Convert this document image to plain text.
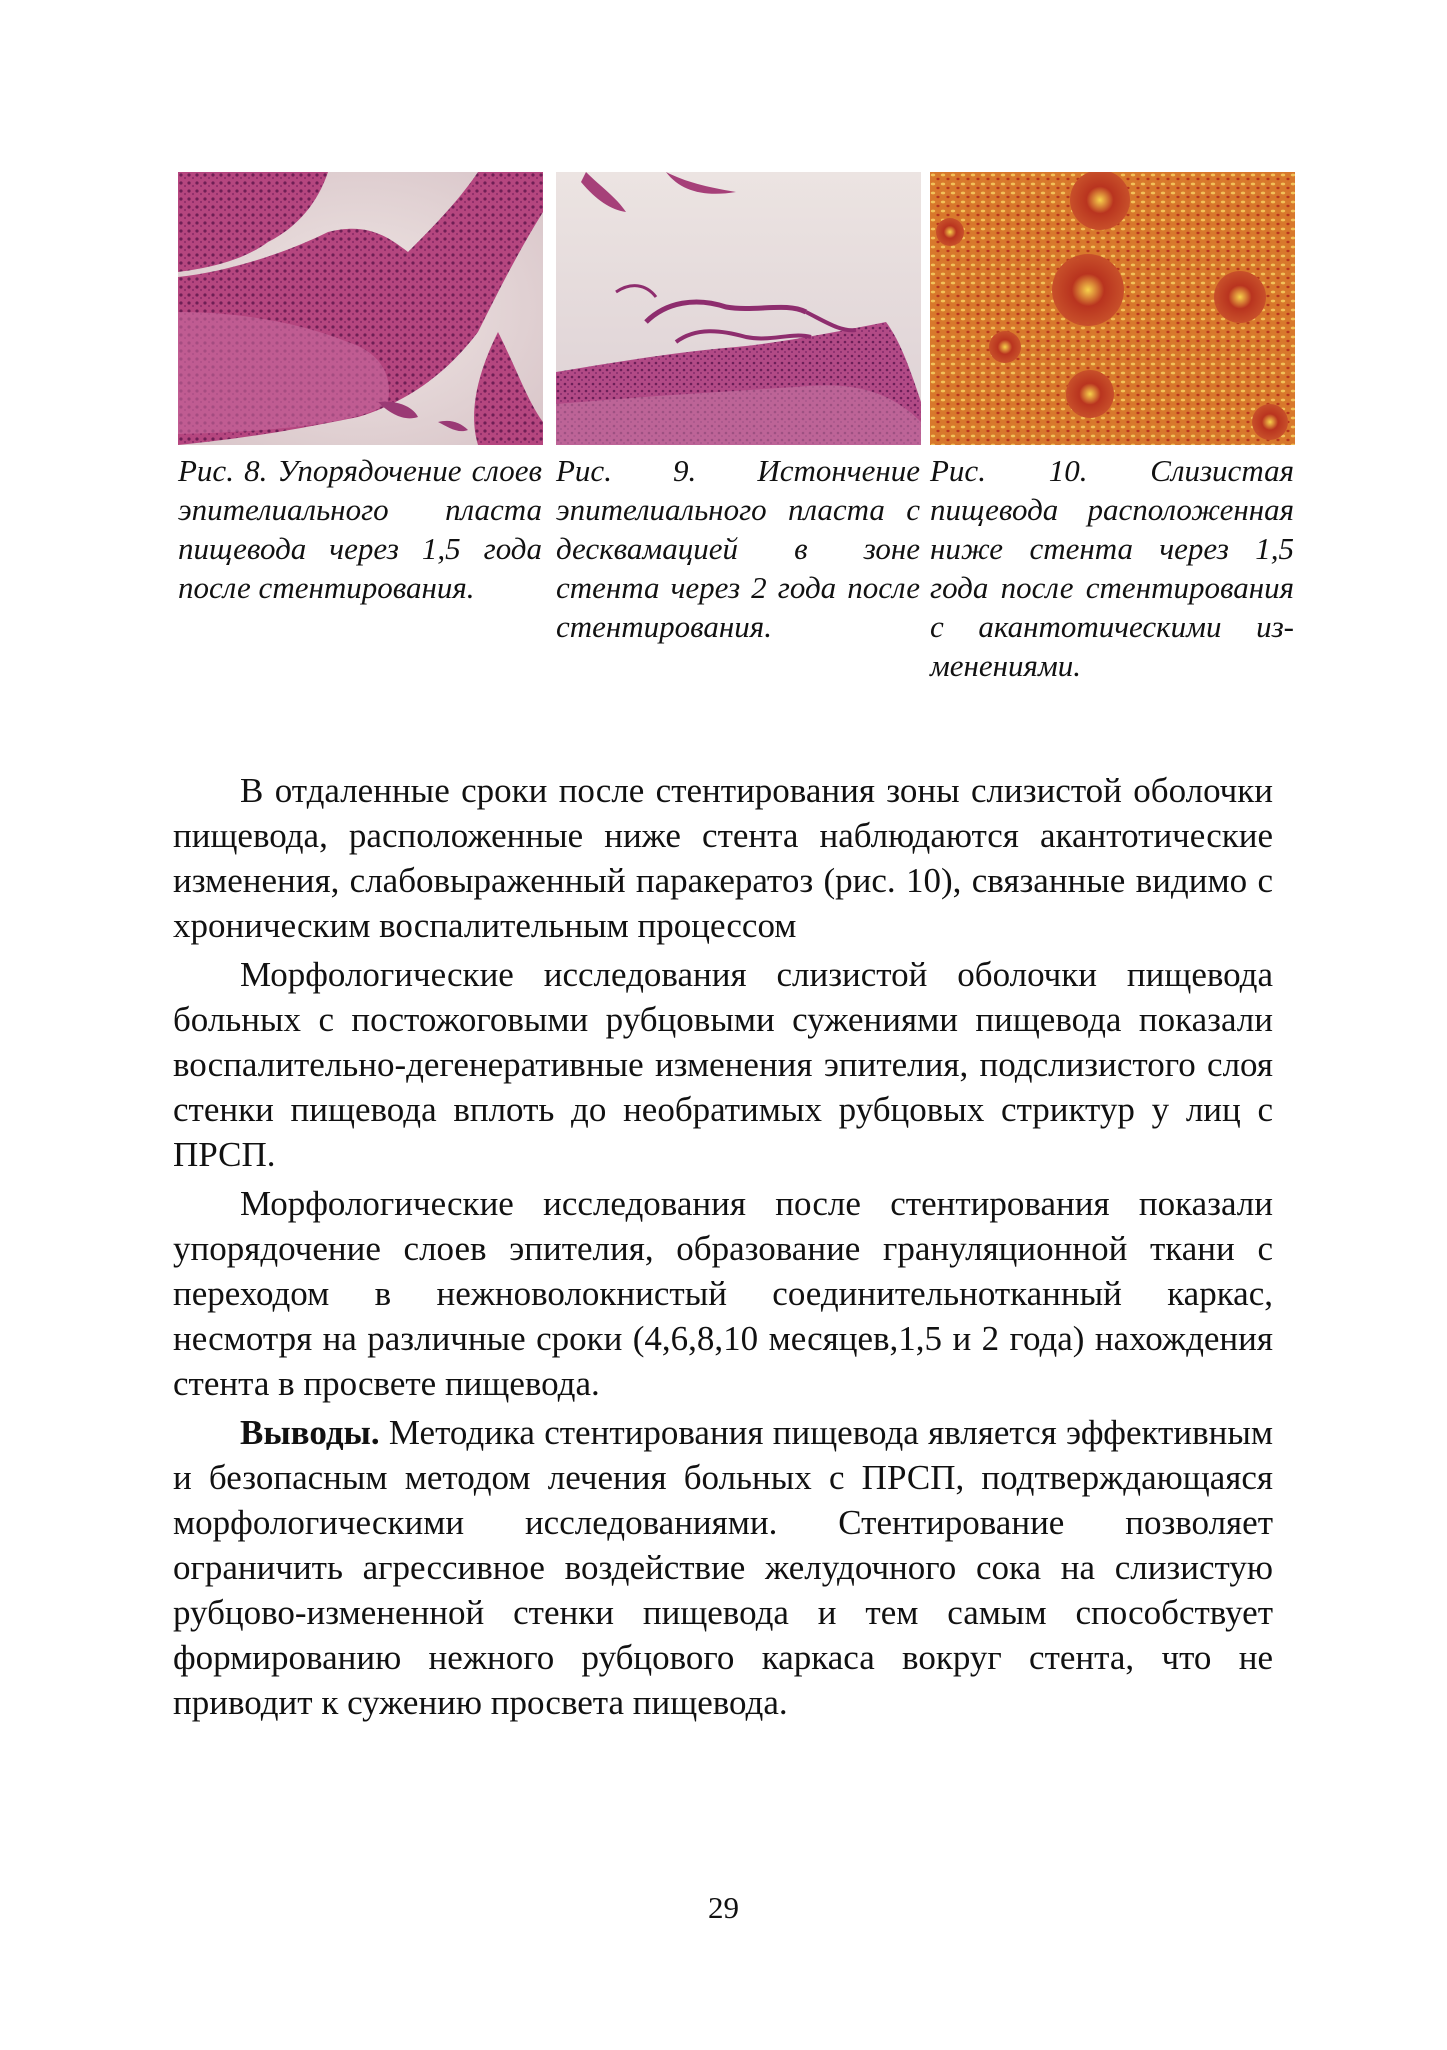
Рис. 8. Упорядочение слоев эпителиального пласта пищевода через 1,5 года после стентирования.
Рис. 9. Истончение эпителиального пласта с десквамацией в зоне стента через 2 года после стентирования.
Рис. 10. Слизистая пищевода расположенная ниже стента через 1,5 года после стентирования с акантотическими изменениями.

В отдаленные сроки после стентирования зоны слизистой оболочки пищевода, расположенные ниже стента наблюдаются акантотические изменения, слабовыраженный паракератоз (рис. 10), связанные видимо с хроническим воспалительным процессом

Морфологические исследования слизистой оболочки пищевода больных с постожоговыми рубцовыми сужениями пищевода показали воспалительно-дегенеративные изменения эпителия, подслизистого слоя стенки пищевода вплоть до необратимых рубцовых стриктур у лиц с ПРСП.

Морфологические исследования после стентирования показали упорядочение слоев эпителия, образование грануляционной ткани с переходом в нежноволокнистый соединительнотканный каркас, несмотря на различные сроки (4,6,8,10 месяцев,1,5 и 2 года) нахождения стента в просвете пищевода.

Выводы. Методика стентирования пищевода является эффективным и безопасным методом лечения больных с ПРСП, подтверждающаяся морфологическими исследованиями. Стентирование позволяет ограничить агрессивное воздействие желудочного сока на слизистую рубцово-измененной стенки пищевода и тем самым способствует формированию нежного рубцового каркаса вокруг стента, что не приводит к сужению просвета пищевода.

29
